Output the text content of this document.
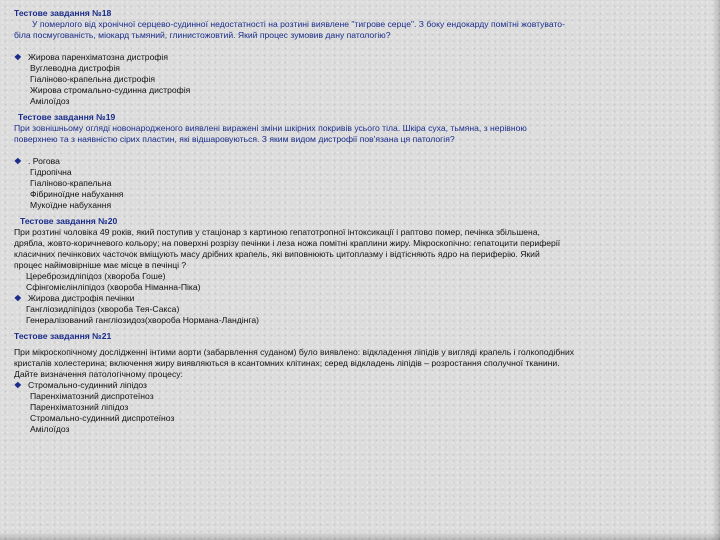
Тестове завдання №18
У померлого від хронічної серцево-судинної недостатності на розтині виявлене "тигрове серце". З боку ендокарду помітні жовтувато-
біла посмугованість, міокард тьмяний, глинистожовтий. Який процес зумовив дану патологію?
❖ Жирова паренхіматозна дистрофія
Вуглеводна дистрофія
Гіаліново-крапельна дистрофія
Жирова стромально-судинна дистрофія
Амілоїдоз
Тестове завдання №19
При зовнішньому огляді новонародженого виявлені виражені зміни шкірних покривів усього тіла. Шкіра суха, тьмяна, з нерівною
поверхнею та з наявністю сірих пластин, які відшаровуються. З яким видом дистрофії пов'язана ця патологія?
❖ . Рогова
Гідропічна
Гіаліново-крапельна
Фібриноїдне набухання
Мукоїдне набухання
Тестове завдання №20
При розтині чоловіка 49 років, який поступив у стаціонар з картиною гепатотропної інтоксикації і раптово помер, печінка збільшена,
дрябла, жовто-коричневого кольору; на поверхні розрізу печінки і леза ножа помітні краплини жиру. Мікроскопічно: гепатоцити периферії
класичних печінкових часточок вміщують масу дрібних крапель, які виповнюють цитоплазму і відтісняють ядро на периферію. Який
процес найімовірніше має місце в печінці ?
Цереброзидліпідоз (хвороба Гоше)
Сфінгомієлінліпідоз (хвороба Німанна-Піка)
❖ Жирова дистрофія печінки
Гангліозидліпідоз (хвороба Тея-Сакса)
Генералізований гангліозидоз(хвороба Нормана-Ландінга)
Тестове завдання №21
При мікроскопічному дослідженні інтими аорти (забарвлення суданом) було виявлено: відкладення ліпідів у вигляді крапель і голкоподібних
кристалів холестерина; включення жиру виявляються в ксантомних клітинах; серед відкладень ліпідів – розростання сполучної тканини.
Дайте визначення патологічному процесу:
❖ Стромально-судинний ліпідоз
Паренхіматозний диспротеїноз
Паренхіматозний ліпідоз
Стромально-судинний диспротеїноз
Амілоїдоз
